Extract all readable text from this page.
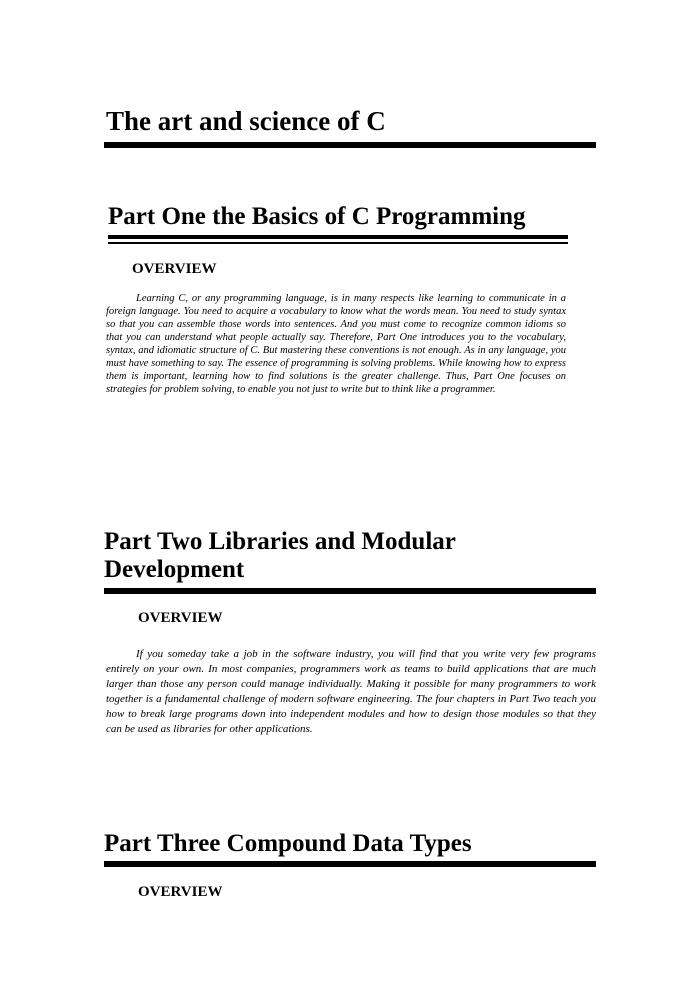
The art and science of C
Part One the Basics of C Programming
OVERVIEW

Learning C, or any programming language, is in many respects like learning to communicate in a foreign language. You need to acquire a vocabulary to know what the words mean. You need to study syntax so that you can assemble those words into sentences. And you must come to recognize common idioms so that you can understand what people actually say. Therefore, Part One introduces you to the vocabulary, syntax, and idiomatic structure of C. But mastering these conventions is not enough. As in any language, you must have something to say. The essence of programming is solving problems. While knowing how to express them is important, learning how to find solutions is the greater challenge. Thus, Part One focuses on strategies for problem solving, to enable you not just to write but to think like a programmer.

Part Two Libraries and Modular
Development
OVERVIEW

If you someday take a job in the software industry, you will find that you write very few programs entirely on your own. In most companies, programmers work as teams to build applications that are much larger than those any person could manage individually. Making it possible for many programmers to work together is a fundamental challenge of modern software engineering. The four chapters in Part Two teach you how to break large programs down into independent modules and how to design those modules so that they can be used as libraries for other applications.

Part Three Compound Data Types
OVERVIEW
